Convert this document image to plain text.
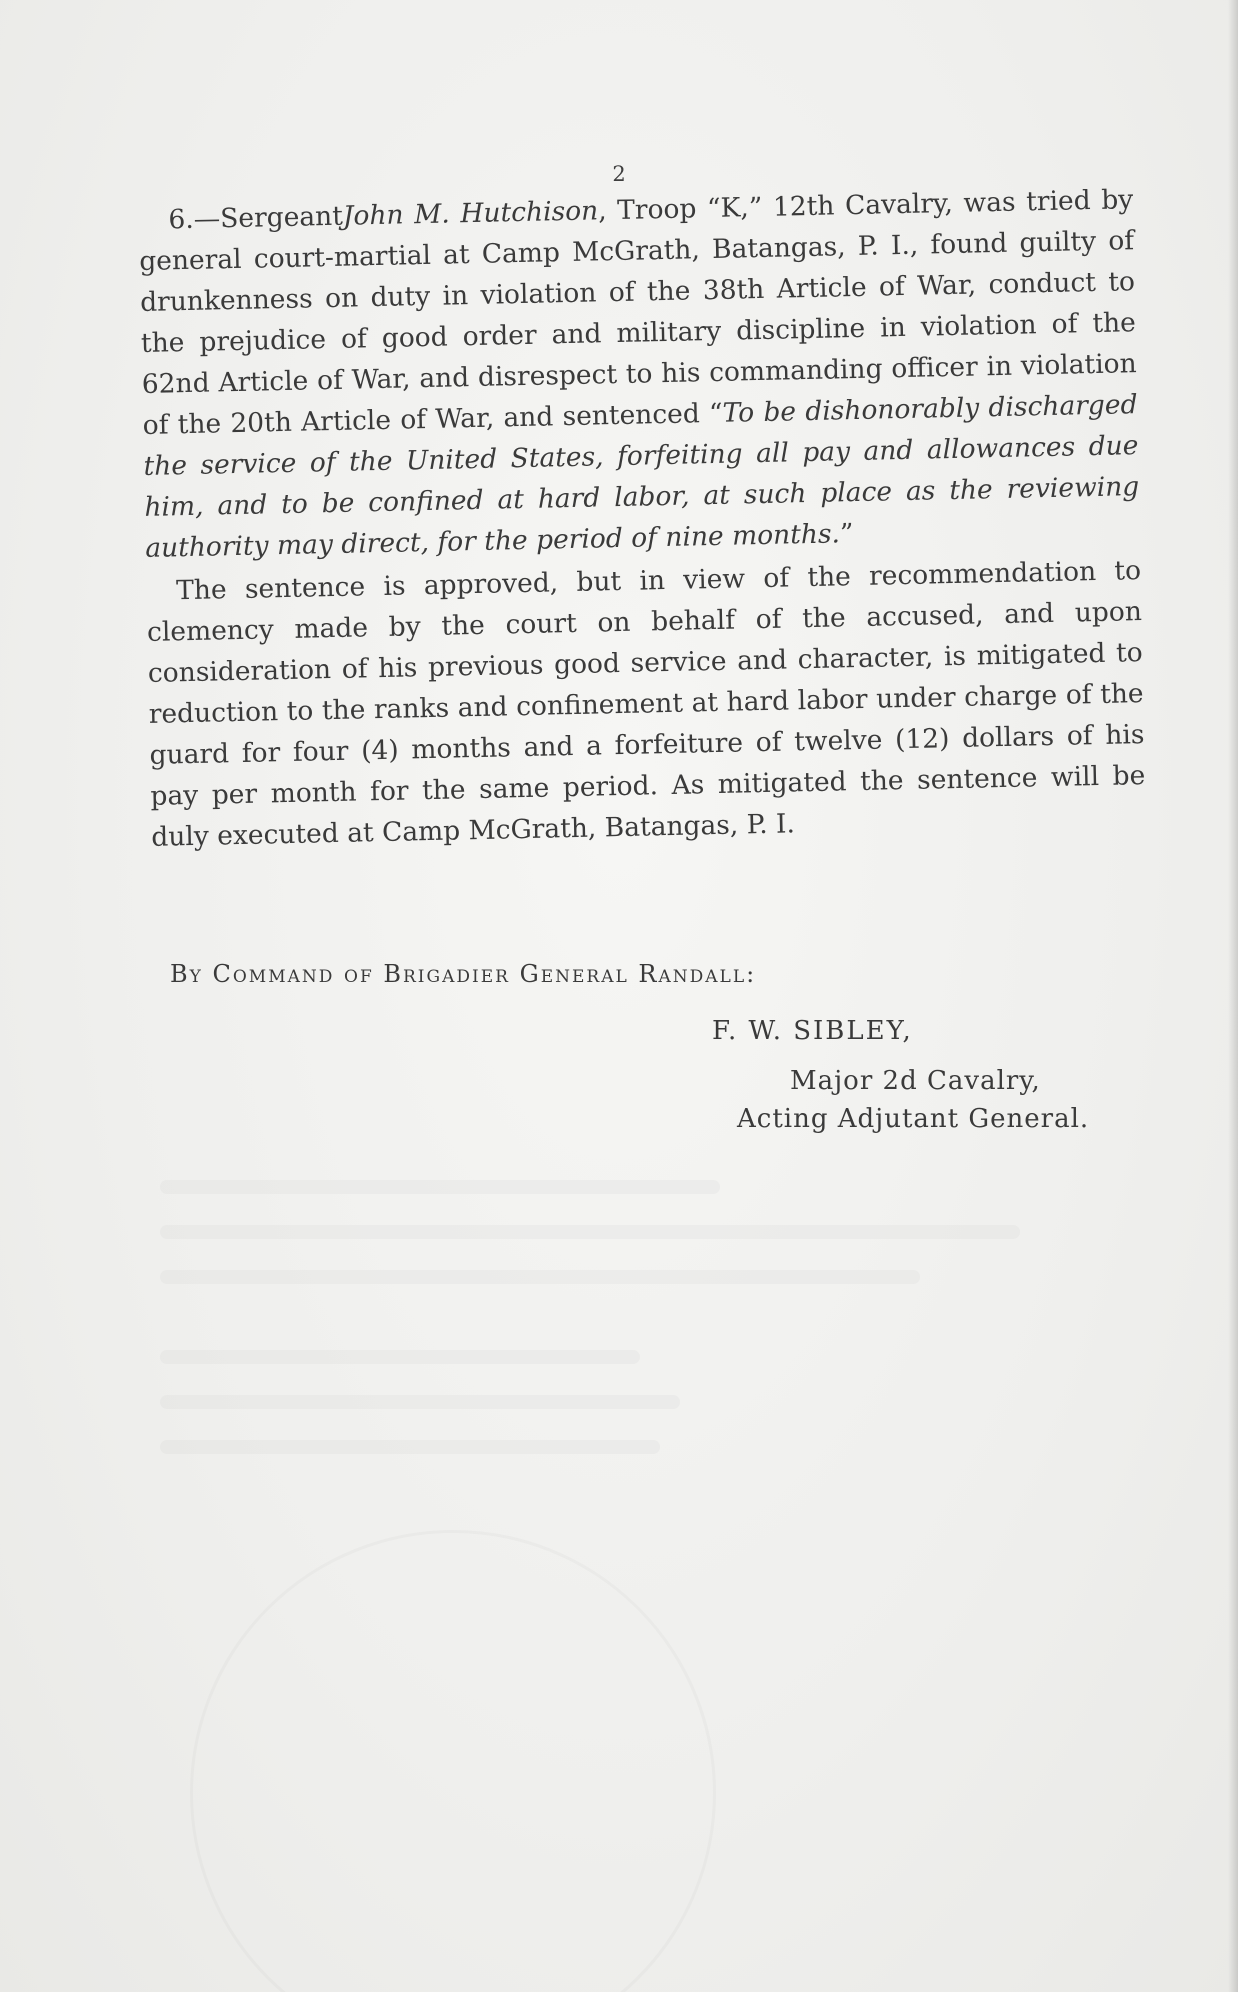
2

6.—SergeantJohn M. Hutchison, Troop “K,” 12th Cavalry, was tried by general court-martial at Camp McGrath, Batangas, P. I., found guilty of drunkenness on duty in violation of the 38th Article of War, conduct to the prejudice of good order and military discipline in violation of the 62nd Article of War, and disrespect to his commanding officer in violation of the 20th Article of War, and sentenced “To be dishonorably discharged the service of the United States, forfeiting all pay and allowances due him, and to be confined at hard labor, at such place as the reviewing authority may direct, for the period of nine months.”

The sentence is approved, but in view of the recommendation to clemency made by the court on behalf of the accused, and upon consideration of his previous good service and character, is mitigated to reduction to the ranks and confinement at hard labor under charge of the guard for four (4) months and a forfeiture of twelve (12) dollars of his pay per month for the same period. As mitigated the sentence will be duly executed at Camp McGrath, Batangas, P. I.

By Command of Brigadier General Randall:
F. W. SIBLEY,
Major 2d Cavalry,
Acting Adjutant General.
